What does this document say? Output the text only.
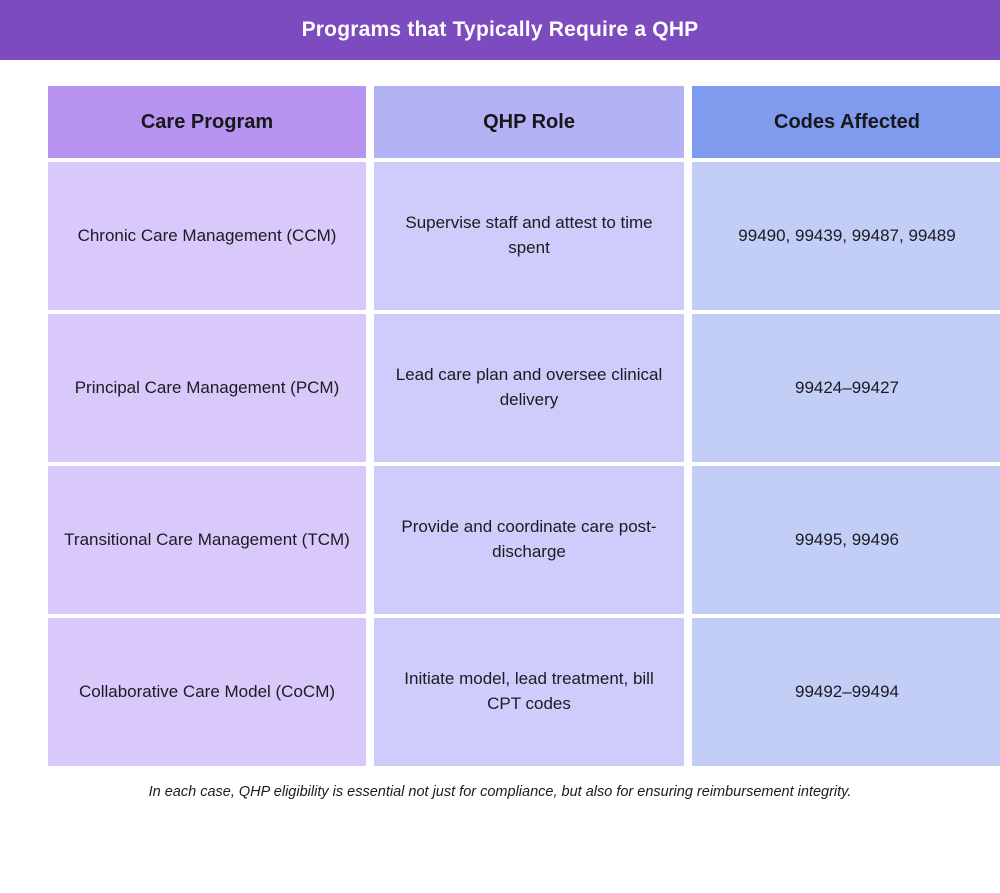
Programs that Typically Require a QHP
Care Program	QHP Role	Codes Affected
Chronic Care Management (CCM)	Supervise staff and attest to time spent	99490, 99439, 99487, 99489
Principal Care Management (PCM)	Lead care plan and oversee clinical delivery	99424–99427
Transitional Care Management (TCM)	Provide and coordinate care post-discharge	99495, 99496
Collaborative Care Model (CoCM)	Initiate model, lead treatment, bill CPT codes	99492–99494
In each case, QHP eligibility is essential not just for compliance, but also for ensuring reimbursement integrity.
